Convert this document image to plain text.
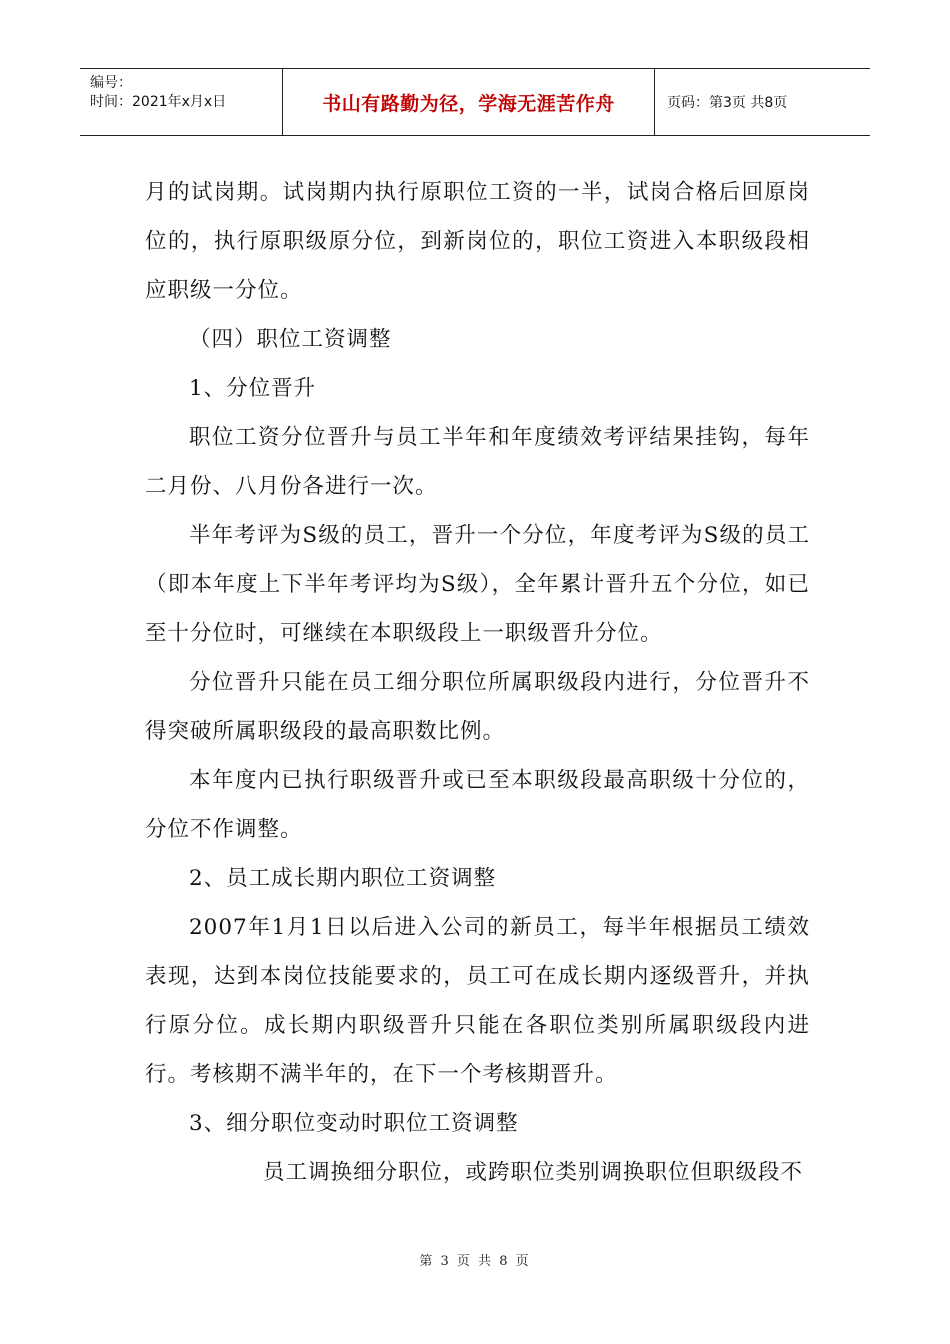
编号：
时间：2021年x月x日	书山有路勤为径，学海无涯苦作舟	页码：第3页 共8页

月的试岗期。试岗期内执行原职位工资的一半，试岗合格后回原岗位的，执行原职级原分位，到新岗位的，职位工资进入本职级段相应职级一分位。

（四）职位工资调整

1、分位晋升

职位工资分位晋升与员工半年和年度绩效考评结果挂钩，每年二月份、八月份各进行一次。

半年考评为S级的员工，晋升一个分位，年度考评为S级的员工（即本年度上下半年考评均为S级），全年累计晋升五个分位，如已至十分位时，可继续在本职级段上一职级晋升分位。

分位晋升只能在员工细分职位所属职级段内进行，分位晋升不得突破所属职级段的最高职数比例。

本年度内已执行职级晋升或已至本职级段最高职级十分位的，分位不作调整。

2、员工成长期内职位工资调整

2007年1月1日以后进入公司的新员工，每半年根据员工绩效表现，达到本岗位技能要求的，员工可在成长期内逐级晋升，并执行原分位。成长期内职级晋升只能在各职位类别所属职级段内进行。考核期不满半年的，在下一个考核期晋升。

3、细分职位变动时职位工资调整

员工调换细分职位，或跨职位类别调换职位但职级段不

第 3 页 共 8 页
